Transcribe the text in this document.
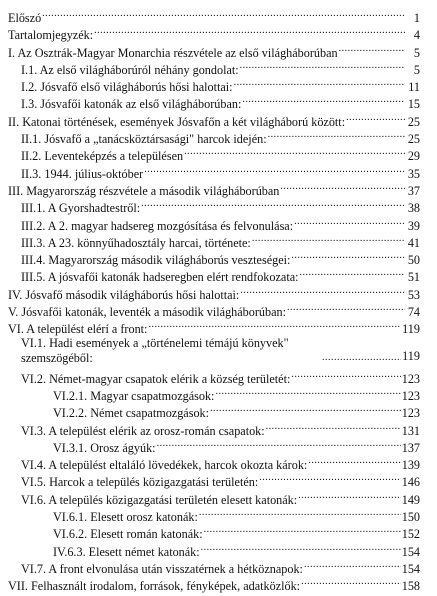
Előszó .....	1
Tartalomjegyzék: .....	4
I. Az Osztrák-Magyar Monarchia részvétele az első világháborúban .....	5
I.1. Az első világháborúról néhány gondolat: .....	5
I.2. Jósvafő első világháborús hősi halottai: .....	11
I.3. Jósvafői katonák az első világháborúban: .....	15
II. Katonai történések, események Jósvafőn a két világháború között: .....	25
II.1. Jósvafő a „tanácsköztársasági" harcok idején: .....	25
II.2. Leventeképzés a településen .....	29
II.3. 1944. július-október .....	35
III. Magyarország részvétele a második világháborúban .....	37
III.1. A Gyorshadtestről: .....	38
III.2. A 2. magyar hadsereg mozgósítása és felvonulása: .....	39
III.3. A 23. könnyűhadosztály harcai, története: .....	41
III.4. Magyarország második világháborús veszteségei: .....	50
III.5. A jósvafői katonák hadseregben elért rendfokozata: .....	51
IV. Jósvafő második világháborús hősi halottai: .....	53
V. Jósvafői katonák, leventék a második világháborúban: .....	74
VI. A települést elérí a front: .....	119
VI.1. Hadi események a „történelemi témájú könyvek" szemszögéből: .....	119
VI.2. Német-magyar csapatok elérik a község területét: .....	123
VI.2.1. Magyar csapatmozgások: .....	123
VI.2.2. Német csapatmozgások: .....	123
VI.3. A települést elérik az orosz-román csapatok: .....	131
VI.3.1. Orosz ágyúk: .....	137
VI.4. A települést eltaláló lövedékek, harcok okozta károk: .....	139
VI.5. Harcok a település közigazgatási területén: .....	146
VI.6. A település közigazgatási területén elesett katonák: .....	149
VI.6.1. Elesett orosz katonák: .....	150
VI.6.2. Elesett román katonák: .....	152
IV.6.3. Elesett német katonák: .....	154
VI.7. A front elvonulása után visszatérnek a hétköznapok: .....	154
VII. Felhasznált irodalom, források, fényképek, adatközlők: .....	158
